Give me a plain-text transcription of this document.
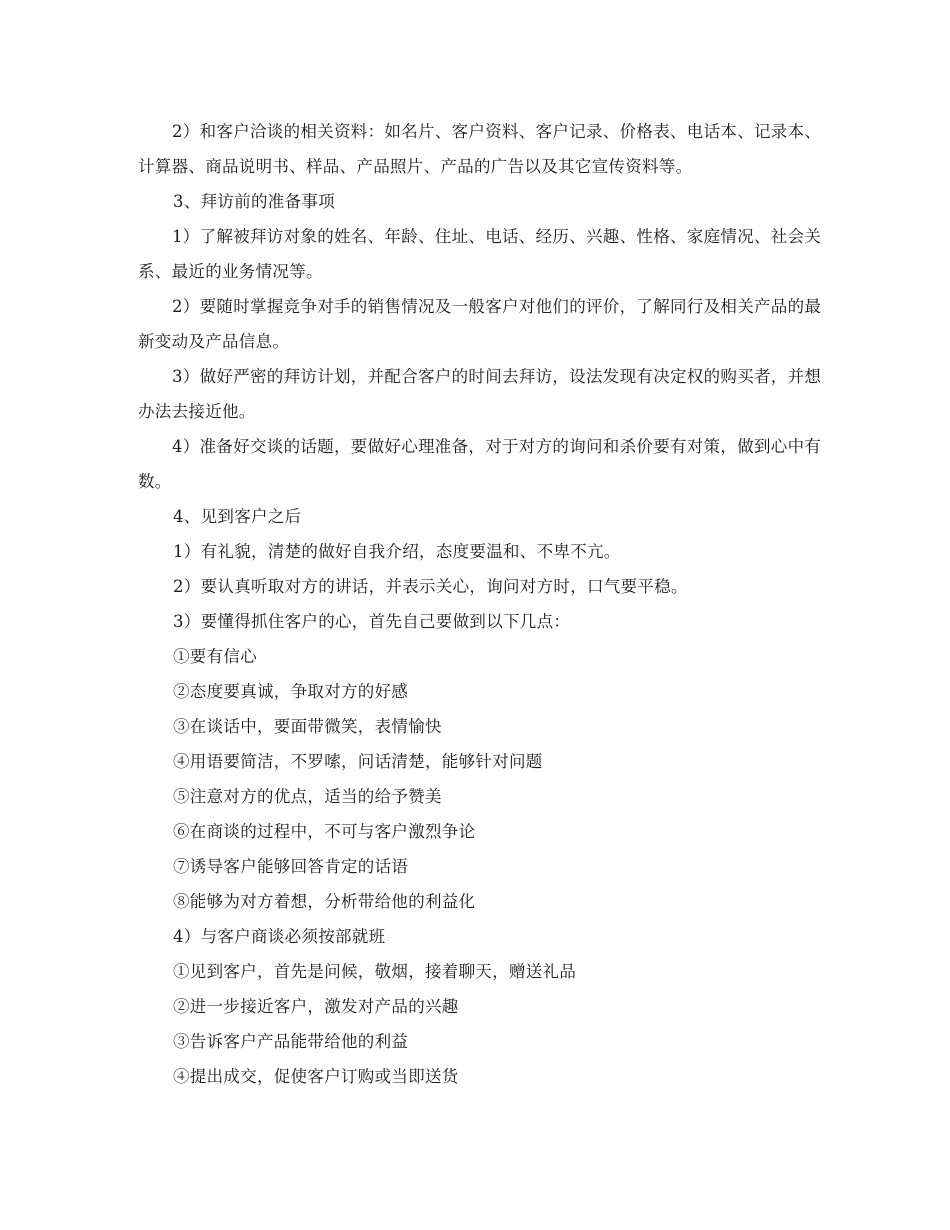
2）和客户洽谈的相关资料：如名片、客户资料、客户记录、价格表、电话本、记录本、计算器、商品说明书、样品、产品照片、产品的广告以及其它宣传资料等。

3、拜访前的准备事项

1）了解被拜访对象的姓名、年龄、住址、电话、经历、兴趣、性格、家庭情况、社会关系、最近的业务情况等。

2）要随时掌握竞争对手的销售情况及一般客户对他们的评价，了解同行及相关产品的最新变动及产品信息。

3）做好严密的拜访计划，并配合客户的时间去拜访，设法发现有决定权的购买者，并想办法去接近他。

4）准备好交谈的话题，要做好心理准备，对于对方的询问和杀价要有对策，做到心中有数。

4、见到客户之后

1）有礼貌，清楚的做好自我介绍，态度要温和、不卑不亢。

2）要认真听取对方的讲话，并表示关心，询问对方时，口气要平稳。

3）要懂得抓住客户的心，首先自己要做到以下几点：

①要有信心

②态度要真诚，争取对方的好感

③在谈话中，要面带微笑，表情愉快

④用语要简洁，不罗嗦，问话清楚，能够针对问题

⑤注意对方的优点，适当的给予赞美

⑥在商谈的过程中，不可与客户激烈争论

⑦诱导客户能够回答肯定的话语

⑧能够为对方着想，分析带给他的利益化

4）与客户商谈必须按部就班

①见到客户，首先是问候，敬烟，接着聊天，赠送礼品

②进一步接近客户，激发对产品的兴趣

③告诉客户产品能带给他的利益

④提出成交，促使客户订购或当即送货
